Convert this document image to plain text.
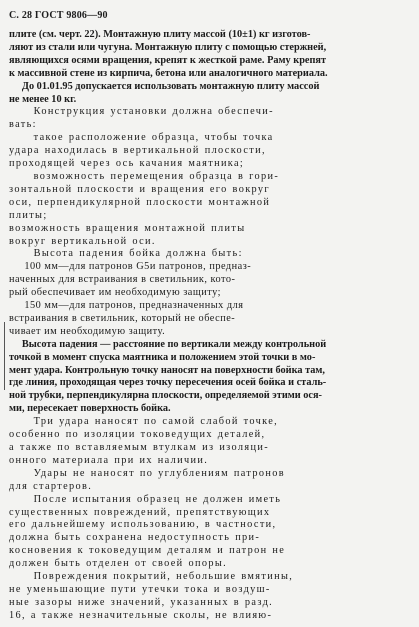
С. 28 ГОСТ 9806—90
плите (см. черт. 22). Монтажную плиту массой (10±1) кг изготов-
ляют из стали или чугуна. Монтажную плиту с помощью стержней,
являющихся осями вращения, крепят к жесткой раме. Раму крепят
к массивной стене из кирпича, бетона или аналогичного материала.
До 01.01.95 допускается использовать монтажную плиту массой
не менее 10 кг.
Конструкция установки должна обеспечи-
вать:
такое расположение образца, чтобы точка
удара находилась в вертикальной плоскости,
проходящей через ось качания маятника;
возможность перемещения образца в гори-
зонтальной плоскости и вращения его вокруг
оси, перпендикулярной плоскости монтажной
плиты;
возможность вращения монтажной плиты
вокруг вертикальной оси.
Высота падения бойка должна быть:
100 мм—для патронов G5и патронов, предназ-
наченных для встраивания в светильник, кото-
рый обеспечивает им необходимую защиту;
150 мм—для патронов, предназначенных для
встраивания в светильник, который не обеспе-
чивает им необходимую защиту.
Высота падения — расстояние по вертикали между контрольной
точкой в момент спуска маятника и положением этой точки в мо-
мент удара. Контрольную точку наносят на поверхности бойка там,
где линия, проходящая через точку пересечения осей бойка и сталь-
ной трубки, перпендикулярна плоскости, определяемой этими ося-
ми, пересекает поверхность бойка.
Три удара наносят по самой слабой точке,
особенно по изоляции токоведущих деталей,
а также по вставляемым втулкам из изоляци-
онного материала при их наличии.
Удары не наносят по углублениям патронов
для стартеров.
После испытания образец не должен иметь
существенных повреждений, препятствующих
его дальнейшему использованию, в частности,
должна быть сохранена недоступность при-
косновения к токоведущим деталям и патрон не
должен быть отделен от своей опоры.
Повреждения покрытий, небольшие вмятины,
не уменьшающие пути утечки тока и воздуш-
ные зазоры ниже значений, указанных в разд.
16, а также незначительные сколы, не влияю-
